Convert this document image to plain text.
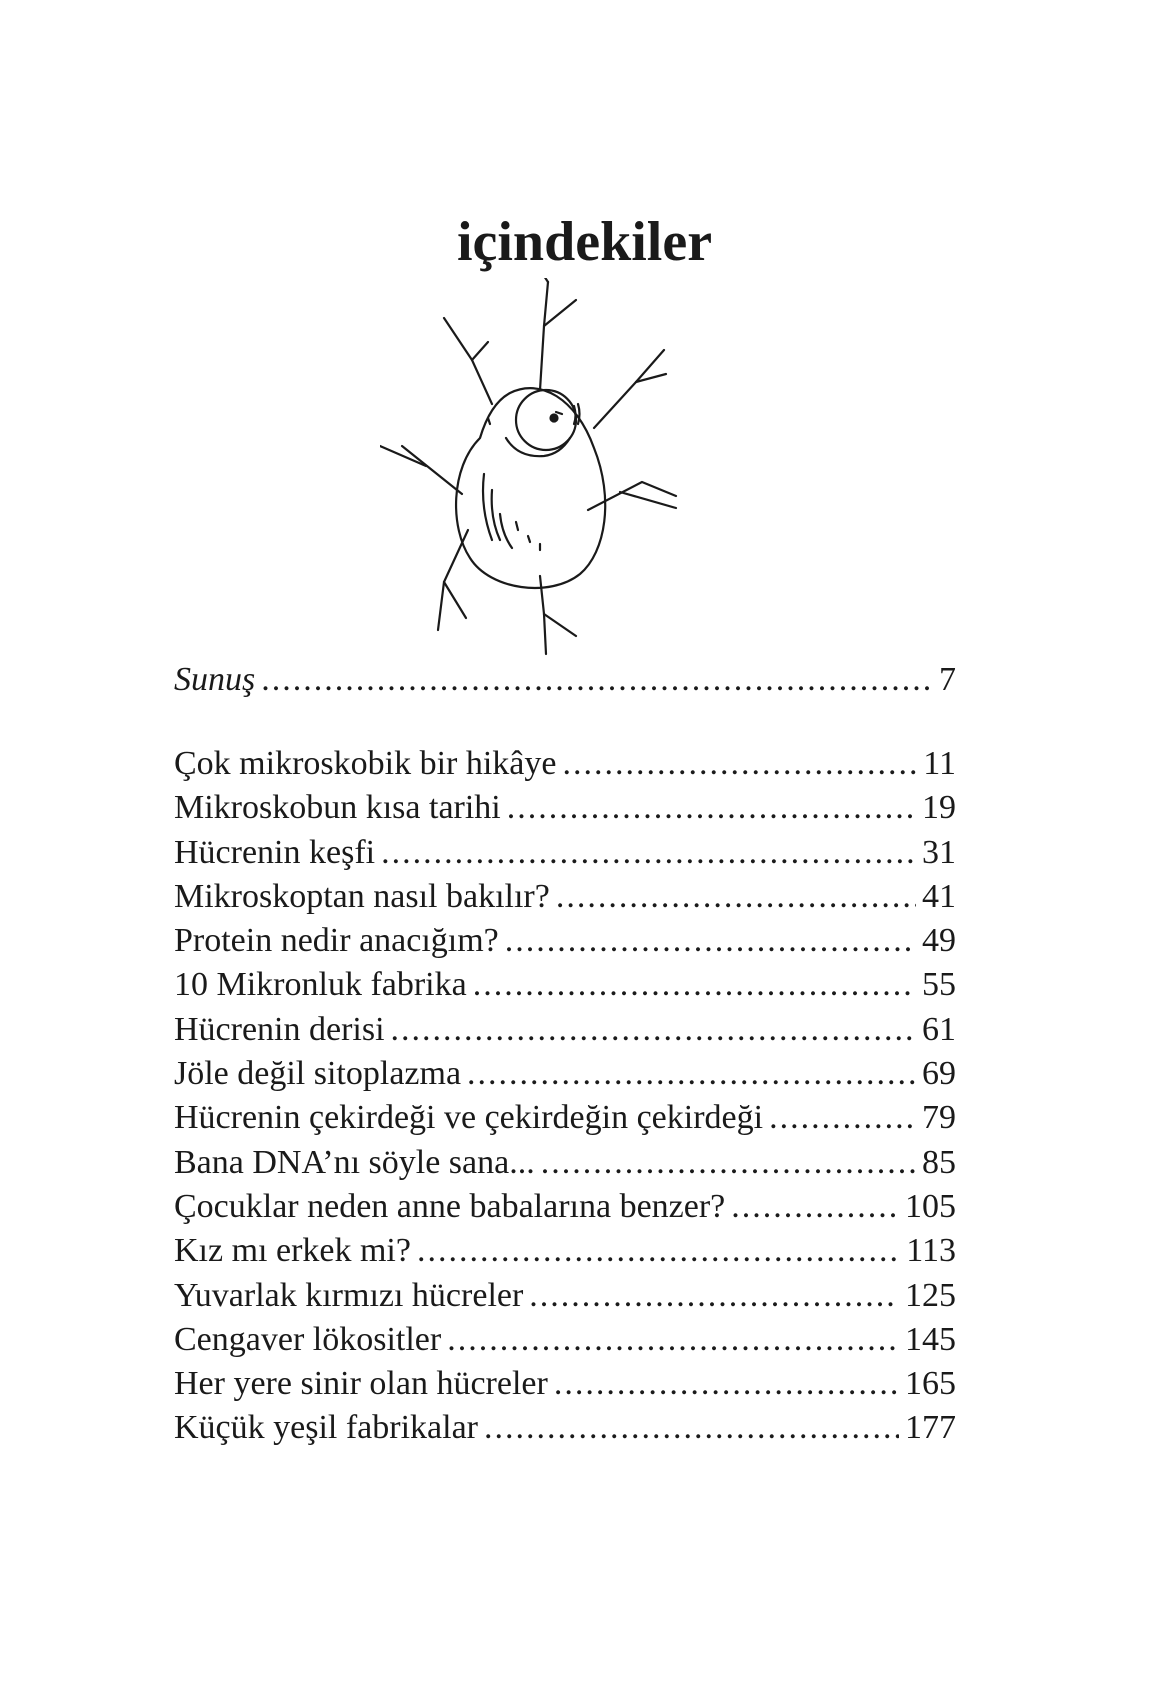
içindekiler
Sunuş .....	7
Çok mikroskobik bir hikâye .....	11
Mikroskobun kısa tarihi .....	19
Hücrenin keşfi .....	31
Mikroskoptan nasıl bakılır? .....	41
Protein nedir anacığım? .....	49
10 Mikronluk fabrika .....	55
Hücrenin derisi .....	61
Jöle değil sitoplazma .....	69
Hücrenin çekirdeği ve çekirdeğin çekirdeği .....	79
Bana DNA’nı söyle sana... .....	85
Çocuklar neden anne babalarına benzer? .....	105
Kız mı erkek mi? .....	113
Yuvarlak kırmızı hücreler .....	125
Cengaver lökositler .....	145
Her yere sinir olan hücreler .....	165
Küçük yeşil fabrikalar .....	177
